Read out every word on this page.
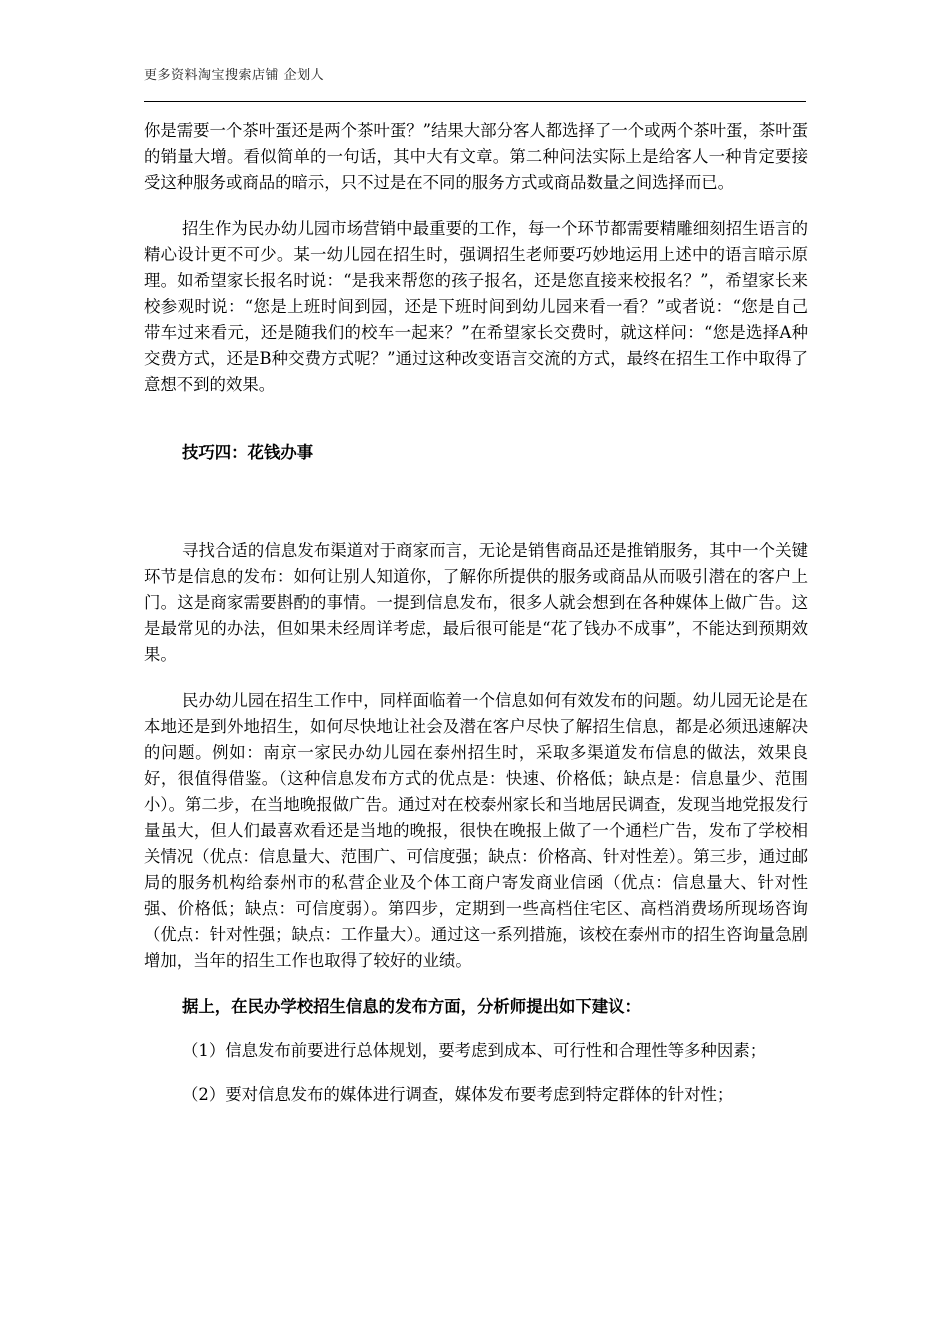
更多资料淘宝搜索店铺 企划人

你是需要一个茶叶蛋还是两个茶叶蛋？”结果大部分客人都选择了一个或两个茶叶蛋，茶叶蛋的销量大增。看似简单的一句话，其中大有文章。第二种问法实际上是给客人一种肯定要接受这种服务或商品的暗示，只不过是在不同的服务方式或商品数量之间选择而已。

招生作为民办幼儿园市场营销中最重要的工作，每一个环节都需要精雕细刻招生语言的精心设计更不可少。某一幼儿园在招生时，强调招生老师要巧妙地运用上述中的语言暗示原理。如希望家长报名时说：“是我来帮您的孩子报名，还是您直接来校报名？”，希望家长来校参观时说：“您是上班时间到园，还是下班时间到幼儿园来看一看？”或者说：“您是自己带车过来看元，还是随我们的校车一起来？”在希望家长交费时，就这样问：“您是选择A种交费方式，还是B种交费方式呢？”通过这种改变语言交流的方式，最终在招生工作中取得了意想不到的效果。

技巧四：花钱办事

寻找合适的信息发布渠道对于商家而言，无论是销售商品还是推销服务，其中一个关键环节是信息的发布：如何让别人知道你，了解你所提供的服务或商品从而吸引潜在的客户上门。这是商家需要斟酌的事情。一提到信息发布，很多人就会想到在各种媒体上做广告。这是最常见的办法，但如果未经周详考虑，最后很可能是“花了钱办不成事”，不能达到预期效果。

民办幼儿园在招生工作中，同样面临着一个信息如何有效发布的问题。幼儿园无论是在本地还是到外地招生，如何尽快地让社会及潜在客户尽快了解招生信息，都是必须迅速解决的问题。例如：南京一家民办幼儿园在泰州招生时，采取多渠道发布信息的做法，效果良好，很值得借鉴。（这种信息发布方式的优点是：快速、价格低；缺点是：信息量少、范围小）。第二步，在当地晚报做广告。通过对在校泰州家长和当地居民调查，发现当地党报发行量虽大，但人们最喜欢看还是当地的晚报，很快在晚报上做了一个通栏广告，发布了学校相关情况（优点：信息量大、范围广、可信度强；缺点：价格高、针对性差）。第三步，通过邮局的服务机构给泰州市的私营企业及个体工商户寄发商业信函（优点：信息量大、针对性强、价格低；缺点：可信度弱）。第四步，定期到一些高档住宅区、高档消费场所现场咨询（优点：针对性强；缺点：工作量大）。通过这一系列措施，该校在泰州市的招生咨询量急剧增加，当年的招生工作也取得了较好的业绩。

据上，在民办学校招生信息的发布方面，分析师提出如下建议：

（1）信息发布前要进行总体规划，要考虑到成本、可行性和合理性等多种因素；

（2）要对信息发布的媒体进行调查，媒体发布要考虑到特定群体的针对性；
